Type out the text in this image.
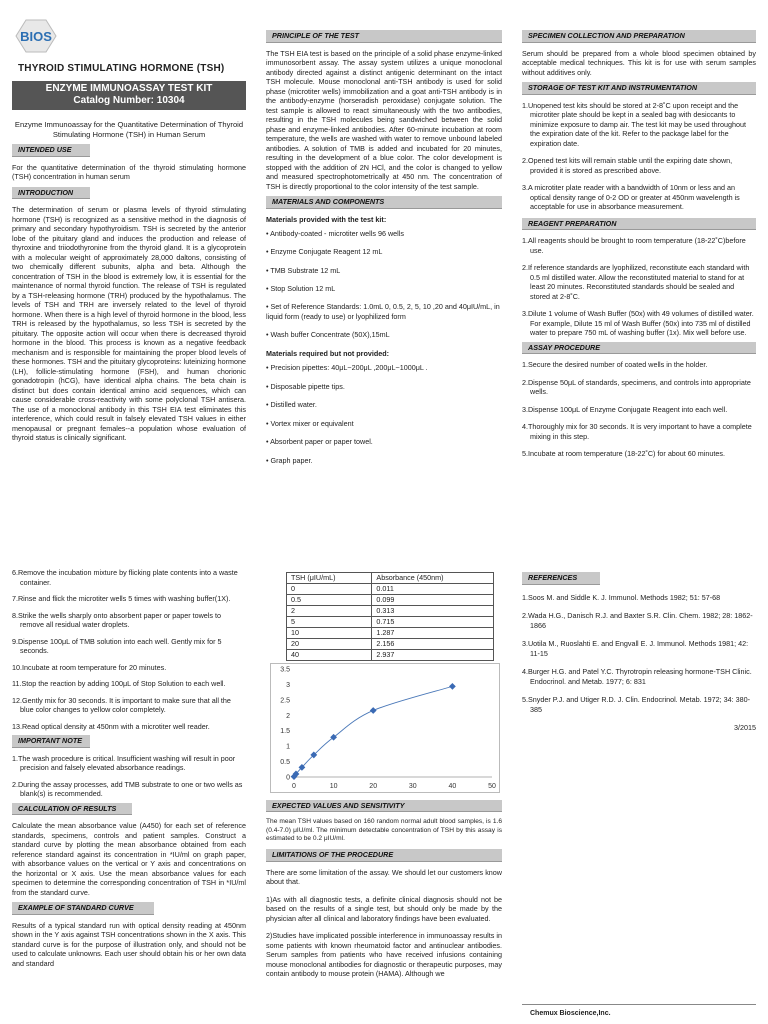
BIOS
THYROID STIMULATING HORMONE (TSH)
ENZYME IMMUNOASSAY TEST KIT
Catalog Number: 10304
Enzyme Immunoassay for the Quantitative Determination of Thyroid Stimulating Hormone (TSH) in Human Serum
INTENDED USE

For the quantitative determination of the thyroid stimulating hormone (TSH) concentration in human serum

INTRODUCTION

The determination of serum or plasma levels of thyroid stimulating hormone (TSH) is recognized as a sensitive method in the diagnosis of primary and secondary hypothyroidism. TSH is secreted by the anterior lobe of the pituitary gland and induces the production and release of thyroxine and triiodothyronine from the thyroid gland. It is a glycoprotein with a molecular weight of approximately 28,000 daltons, consisting of two chemically different subunits, alpha and beta. Although the concentration of TSH in the blood is extremely low, it is essential for the maintenance of normal thyroid function. The release of TSH is regulated by a TSH-releasing hormone (TRH) produced by the hypothalamus. The levels of TSH and TRH are inversely related to the level of thyroid hormone. When there is a high level of thyroid hormone in the blood, less TRH is released by the hypothalamus, so less TSH is secreted by the pituitary. The opposite action will occur when there is decreased thyroid hormone in the blood. This process is known as a negative feedback mechanism and is responsible for maintaining the proper blood levels of these hormones. TSH and the pituitary glycoproteins: luteinizing hormone (LH), follicle-stimulating hormone (FSH), and human chorionic gonadotropin (hCG), have identical alpha chains. The beta chain is distinct but does contain identical amino acid sequences, which can cause considerable cross-reactivity with some polyclonal TSH antisera. The use of a monoclonal antibody in this TSH EIA test eliminates this interference, which could result in falsely elevated TSH values in either menopausal or pregnant females--a population whose evaluation of thyroid status is clinically significant.

PRINCIPLE OF THE TEST

The TSH EIA test is based on the principle of a solid phase enzyme-linked immunosorbent assay. The assay system utilizes a unique monoclonal antibody directed against a distinct antigenic determinant on the intact TSH molecule. Mouse monoclonal anti-TSH antibody is used for solid phase (microtiter wells) immobilization and a goat anti-TSH antibody is in the antibody-enzyme (horseradish peroxidase) conjugate solution. The test sample is allowed to react simultaneously with the two antibodies, resulting in the TSH molecules being sandwiched between the solid phase and enzyme-linked antibodies. After 60-minute incubation at room temperature, the wells are washed with water to remove unbound labeled antibodies. A solution of TMB is added and incubated for 20 minutes, resulting in the development of a blue color. The color development is stopped with the addition of 2N HCl, and the color is changed to yellow and measured spectrophotometrically at 450 nm. The concentration of TSH is directly proportional to the color intensity of the test sample.

MATERIALS AND COMPONENTS

Materials provided with the test kit:

• Antibody-coated - microtiter wells 96 wells

• Enzyme Conjugate Reagent 12 mL

• TMB Substrate 12 mL

• Stop Solution 12 mL

• Set of Reference Standards: 1.0mL 0, 0.5, 2, 5, 10 ,20 and 40μIU/mL, in liquid form (ready to use) or lyophilized form

• Wash buffer Concentrate (50X),15mL

Materials required but not provided:

• Precision pipettes: 40μL~200μL ,200μL~1000μL .

• Disposable pipette tips.

• Distilled water.

• Vortex mixer or equivalent

• Absorbent paper or paper towel.

• Graph paper.

SPECIMEN COLLECTION AND PREPARATION

Serum should be prepared from a whole blood specimen obtained by acceptable medical techniques. This kit is for use with serum samples without additives only.

STORAGE OF TEST KIT AND INSTRUMENTATION

1.Unopened test kits should be stored at 2-8˚C upon receipt and the microtiter plate should be kept in a sealed bag with desiccants to minimize exposure to damp air. The test kit may be used throughout the expiration date of the kit. Refer to the package label for the expiration date.

2.Opened test kits will remain stable until the expiring date shown, provided it is stored as prescribed above.

3.A microtiter plate reader with a bandwidth of 10nm or less and an optical density range of 0-2 OD or greater at 450nm wavelength is acceptable for use in absorbance measurement.

REAGENT PREPARATION

1.All reagents should be brought to room temperature (18-22˚C)before use.

2.If reference standards are lyophilized, reconstitute each standard with 0.5 ml distilled water. Allow the reconstituted material to stand for at least 20 minutes. Reconstituted standards should be sealed and stored at 2-8˚C.

3.Dilute 1 volume of Wash Buffer (50x) with 49 volumes of distilled water. For example, Dilute 15 ml of Wash Buffer (50x) into 735 ml of distilled water to prepare 750 mL of washing buffer (1x). Mix well before use.

ASSAY PROCEDURE

1.Secure the desired number of coated wells in the holder.

2.Dispense 50μL of standards, specimens, and controls into appropriate wells.

3.Dispense 100μL of Enzyme Conjugate Reagent into each well.

4.Thoroughly mix for 30 seconds. It is very important to have a complete mixing in this step.

5.Incubate at room temperature (18-22˚C) for about 60 minutes.

6.Remove the incubation mixture by flicking plate contents into a waste container.

7.Rinse and flick the microtiter wells 5 times with washing buffer(1X).

8.Strike the wells sharply onto absorbent paper or paper towels to remove all residual water droplets.

9.Dispense 100μL of TMB solution into each well. Gently mix for 5 seconds.

10.Incubate at room temperature for 20 minutes.

11.Stop the reaction by adding 100μL of Stop Solution to each well.

12.Gently mix for 30 seconds. It is important to make sure that all the blue color changes to yellow color completely.

13.Read optical density at 450nm with a microtiter well reader.

IMPORTANT NOTE

1.The wash procedure is critical. Insufficient washing will result in poor precision and falsely elevated absorbance readings.

2.During the assay processes, add TMB substrate to one or two wells as blank(s) is recommended.

CALCULATION OF RESULTS

Calculate the mean absorbance value (A450) for each set of reference standards, specimens, controls and patient samples. Construct a standard curve by plotting the mean absorbance obtained from each reference standard against its concentration in *IU/ml on graph paper, with absorbance values on the vertical or Y axis and concentrations on the horizontal or X axis. Use the mean absorbance values for each specimen to determine the corresponding concentration of TSH in *IU/ml from the standard curve.

EXAMPLE OF STANDARD CURVE

Results of a typical standard run with optical density reading at 450nm shown in the Y axis against TSH concentrations shown in the X axis. This standard curve is for the purpose of illustration only, and should not be used to calculate unknowns. Each user should obtain his or her own data and standard

TSH (μIU/mL)	Absorbance (450nm)
0	0.011
0.5	0.099
2	0.313
5	0.715
10	1.287
20	2.156
40	2.937
0
0.5
1
1.5
2
2.5
3
3.5
0	10	20	30	40	50
EXPECTED VALUES AND SENSITIVITY

The mean TSH values based on 160 random normal adult blood samples, is 1.6 (0.4-7.0) μIU/ml. The minimum detectable concentration of TSH by this assay is estimated to be 0.2 μIU/ml.

LIMITATIONS OF THE PROCEDURE

There are some limitation of the assay. We should let our customers know about that.

1)As with all diagnostic tests, a definite clinical diagnosis should not be based on the results of a single test, but should only be made by the physician after all clinical and laboratory findings have been evaluated.

2)Studies have implicated possible interference in immunoassay results in some patients with known rheumatoid factor and antinuclear antibodies. Serum samples from patients who have received infusions containing mouse monoclonal antibodies for diagnostic or therapeutic purposes, may contain antibody to mouse protein (HAMA). Although we

REFERENCES

1.Soos M. and Siddle K. J. Immunol. Methods 1982; 51: 57-68

2.Wada H.G., Danisch R.J. and Baxter S.R. Clin. Chem. 1982; 28: 1862-1866

3.Uotila M., Ruoslahti E. and Engvall E. J. Immunol. Methods 1981; 42: 11-15

4.Burger H.G. and Patel Y.C. Thyrotropin releasing hormone-TSH Clinic. Endocrinol. and Metab. 1977; 6: 831

5.Snyder P.J. and Utiger R.D. J. Clin. Endocrinol. Metab. 1972; 34: 380-385

3/2015
Chemux Bioscience,Inc.
